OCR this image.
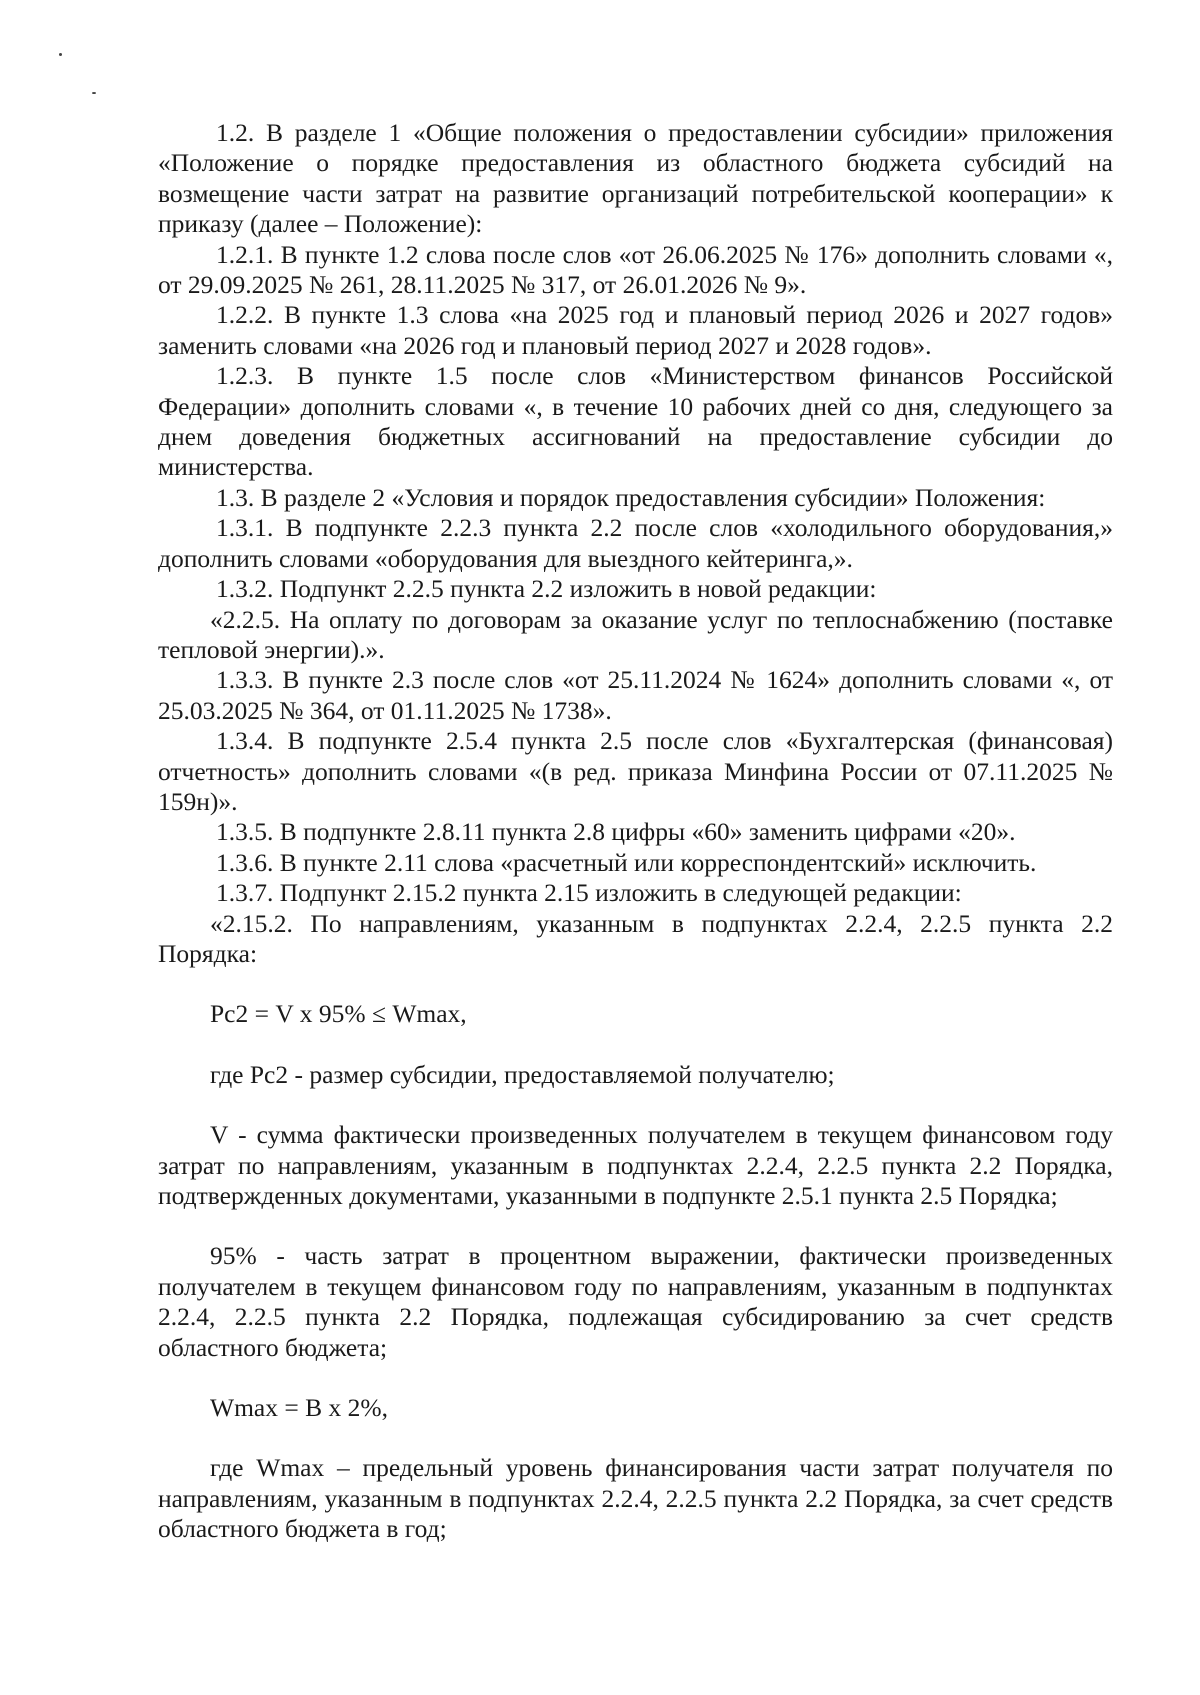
1.2. В разделе 1 «Общие положения о предоставлении субсидии» приложения «Положение о порядке предоставления из областного бюджета субсидий на возмещение части затрат на развитие организаций потребительской кооперации» к приказу (далее – Положение):

1.2.1. В пункте 1.2 слова после слов «от 26.06.2025 № 176» дополнить словами «, от 29.09.2025 № 261, 28.11.2025 № 317, от 26.01.2026 № 9».

1.2.2. В пункте 1.3 слова «на 2025 год и плановый период 2026 и 2027 годов» заменить словами «на 2026 год и плановый период 2027 и 2028 годов».

1.2.3. В пункте 1.5 после слов «Министерством финансов Российской Федерации» дополнить словами «, в течение 10 рабочих дней со дня, следующего за днем доведения бюджетных ассигнований на предоставление субсидии до министерства.

1.3. В разделе 2 «Условия и порядок предоставления субсидии» Положения:

1.3.1. В подпункте 2.2.3 пункта 2.2 после слов «холодильного оборудования,» дополнить словами «оборудования для выездного кейтеринга,».

1.3.2. Подпункт 2.2.5 пункта 2.2 изложить в новой редакции:

«2.2.5. На оплату по договорам за оказание услуг по теплоснабжению (поставке тепловой энергии).».

1.3.3. В пункте 2.3 после слов «от 25.11.2024 № 1624» дополнить словами «, от 25.03.2025 № 364, от 01.11.2025 № 1738».

1.3.4. В подпункте 2.5.4 пункта 2.5 после слов «Бухгалтерская (финансовая) отчетность» дополнить словами «(в ред. приказа Минфина России от 07.11.2025 № 159н)».

1.3.5. В подпункте 2.8.11 пункта 2.8 цифры «60» заменить цифрами «20».

1.3.6. В пункте 2.11 слова «расчетный или корреспондентский» исключить.

1.3.7. Подпункт 2.15.2 пункта 2.15 изложить в следующей редакции:

«2.15.2. По направлениям, указанным в подпунктах 2.2.4, 2.2.5 пункта 2.2 Порядка:

Рс2 = V х 95% ≤ Wmax,

где Рс2 - размер субсидии, предоставляемой получателю;

V - сумма фактически произведенных получателем в текущем финансовом году затрат по направлениям, указанным в подпунктах 2.2.4, 2.2.5 пункта 2.2 Порядка, подтвержденных документами, указанными в подпункте 2.5.1 пункта 2.5 Порядка;

95% - часть затрат в процентном выражении, фактически произведенных получателем в текущем финансовом году по направлениям, указанным в подпунктах 2.2.4, 2.2.5 пункта 2.2 Порядка, подлежащая субсидированию за счет средств областного бюджета;

Wmax = В х 2%,

где Wmax – предельный уровень финансирования части затрат получателя по направлениям, указанным в подпунктах 2.2.4, 2.2.5 пункта 2.2 Порядка, за счет средств областного бюджета в год;
